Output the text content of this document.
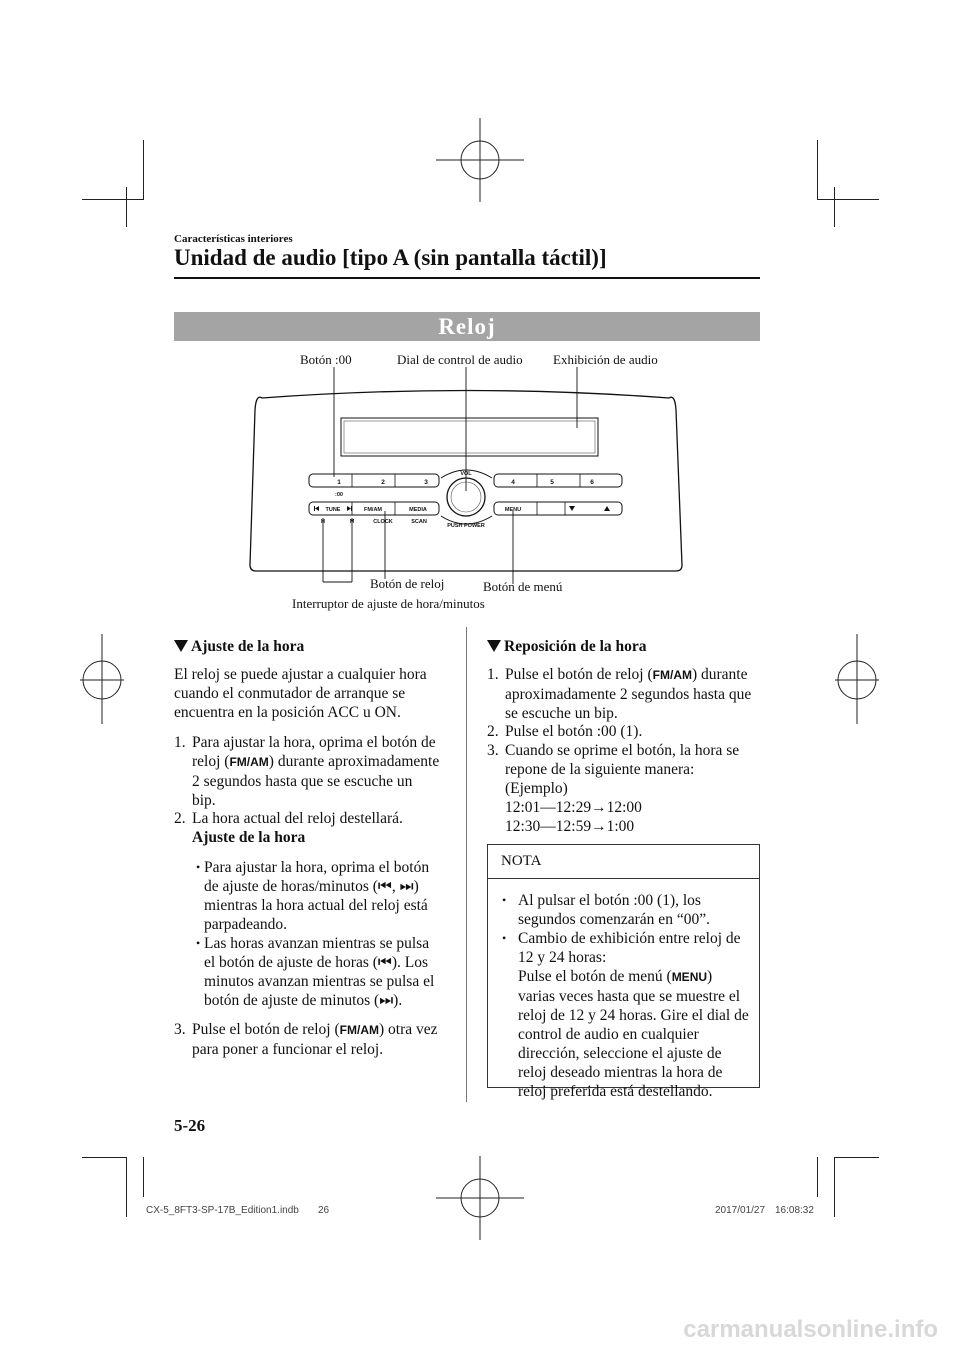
Características interiores
Unidad de audio [tipo A (sin pantalla táctil)]
Reloj
Botón :00	Dial de control de audio Exhibición de audio
Botón de reloj	Botón de menú
Interruptor de ajuste de hora/minutos
1	2	3	4	5	6
:00
VOL
TUNE	FM/AM	MEDIA	MENU
PUSH POWER
H	M	CLOCK	SCAN
Ajuste de la hora
El reloj se puede ajustar a cualquier hora
cuando el conmutador de arranque se
encuentra en la posición ACC u ON.
1. Para ajustar la hora, oprima el botón de
reloj (FM/AM) durante aproximadamente
2 segundos hasta que se escuche un
bip.
2. La hora actual del reloj destellará.
Ajuste de la hora
• Para ajustar la hora, oprima el botón
de ajuste de horas/minutos (⏮, ⏭)
mientras la hora actual del reloj está
parpadeando.
• Las horas avanzan mientras se pulsa
el botón de ajuste de horas (⏮). Los
minutos avanzan mientras se pulsa el
botón de ajuste de minutos (⏭).
3. Pulse el botón de reloj (FM/AM) otra vez
para poner a funcionar el reloj.
Reposición de la hora
1. Pulse el botón de reloj (FM/AM) durante
aproximadamente 2 segundos hasta que
se escuche un bip.
2. Pulse el botón :00 (1).
3. Cuando se oprime el botón, la hora se
repone de la siguiente manera:
(Ejemplo)
12:01—12:29→12:00
12:30—12:59→1:00
NOTA
• Al pulsar el botón :00 (1), los
segundos comenzarán en “00”.
• Cambio de exhibición entre reloj de
12 y 24 horas:
Pulse el botón de menú (MENU)
varias veces hasta que se muestre el
reloj de 12 y 24 horas. Gire el dial de
control de audio en cualquier
dirección, seleccione el ajuste de
reloj deseado mientras la hora de
reloj preferida está destellando.
5-26
CX-5_8FT3-SP-17B_Edition1.indb 26	2017/01/27 16:08:32
carmanualsonline.info
